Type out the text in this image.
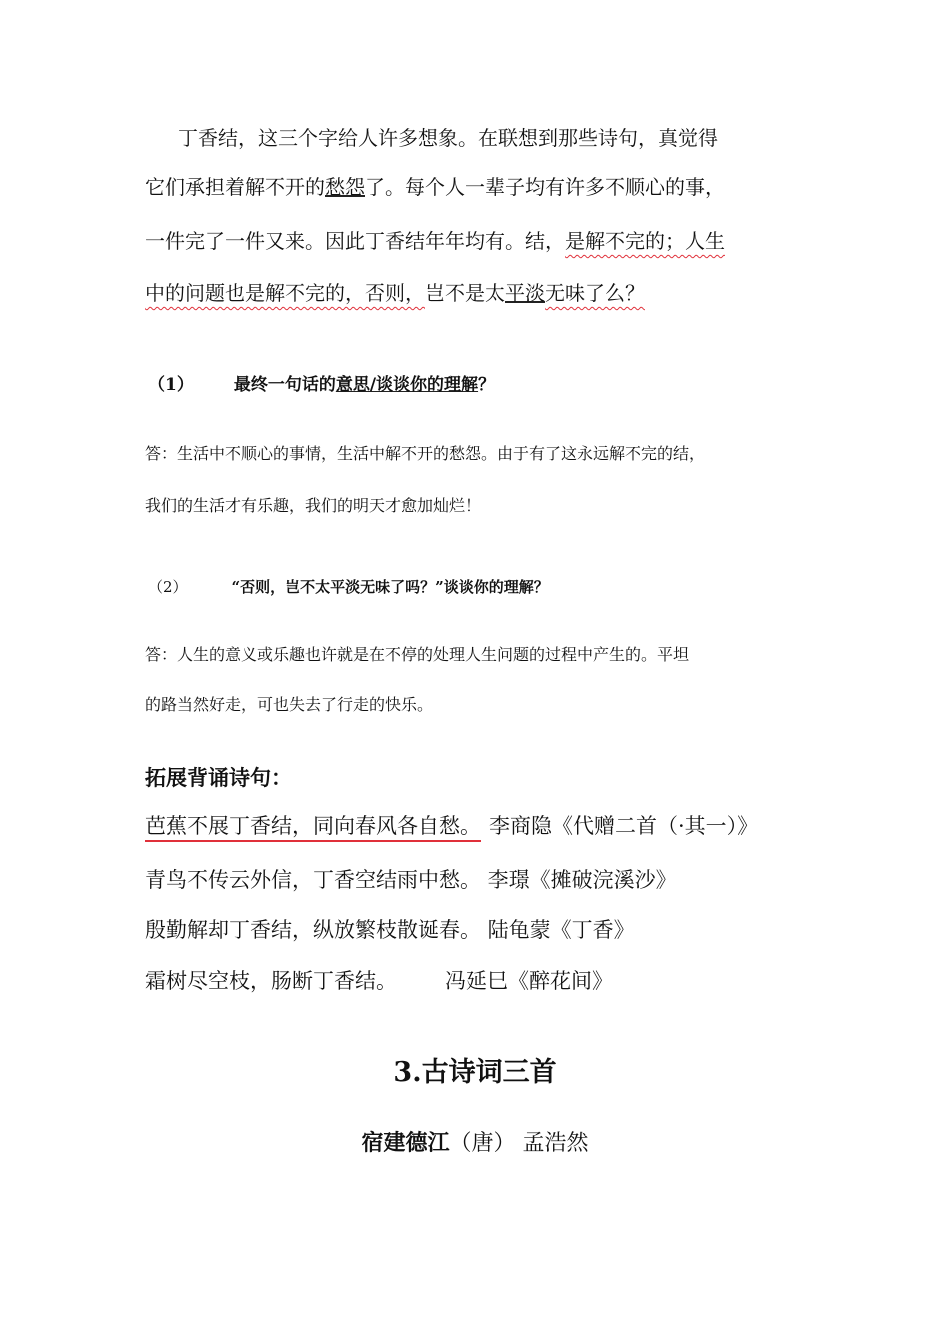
丁香结，这三个字给人许多想象。在联想到那些诗句，真觉得
它们承担着解不开的愁怨了。每个人一辈子均有许多不顺心的事，
一件完了一件又来。因此丁香结年年均有。结，是解不完的；人生
中的问题也是解不完的，否则，岂不是太平淡无味了么？
（1） 最终一句话的意思/谈谈你的理解？
答：生活中不顺心的事情，生活中解不开的愁怨。由于有了这永远解不完的结，
我们的生活才有乐趣，我们的明天才愈加灿烂！
（2）	“否则，岂不太平淡无味了吗？”谈谈你的理解？
答：人生的意义或乐趣也许就是在不停的处理人生问题的过程中产生的。平坦
的路当然好走，可也失去了行走的快乐。
拓展背诵诗句：
芭蕉不展丁香结，同向春风各自愁。 李商隐《代赠二首（·其一）》
青鸟不传云外信，丁香空结雨中愁。 李璟《摊破浣溪沙》
殷勤解却丁香结，纵放繁枝散诞春。 陆龟蒙《丁香》
霜树尽空枝，肠断丁香结。 冯延巳《醉花间》
3.古诗词三首
宿建德江（唐） 孟浩然
